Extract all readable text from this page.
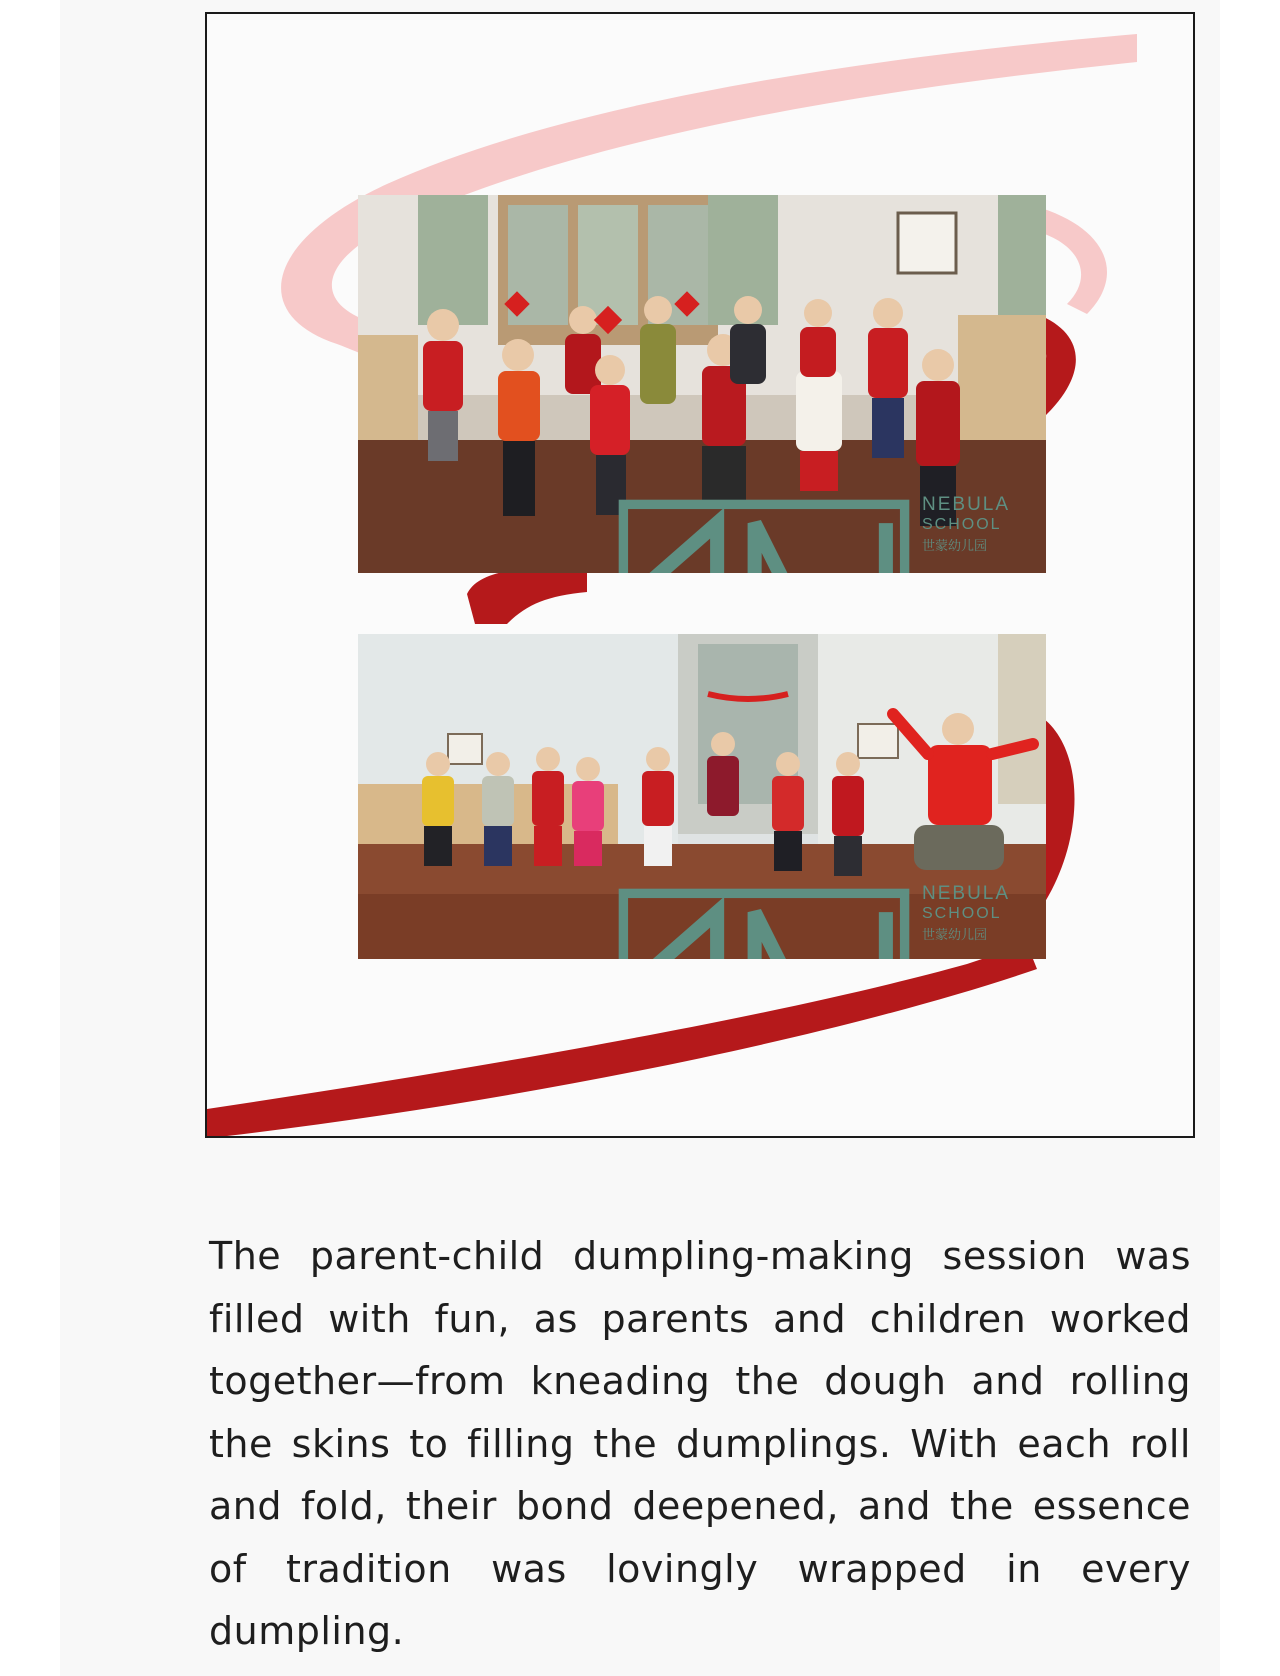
NEBULA
SCHOOL
世蒙幼儿园
NEBULA
SCHOOL
世蒙幼儿园

The parent-child dumpling-making session was filled with fun, as parents and children worked together—from kneading the dough and rolling the skins to filling the dumplings. With each roll and fold, their bond deepened, and the essence of tradition was lovingly wrapped in every dumpling.
